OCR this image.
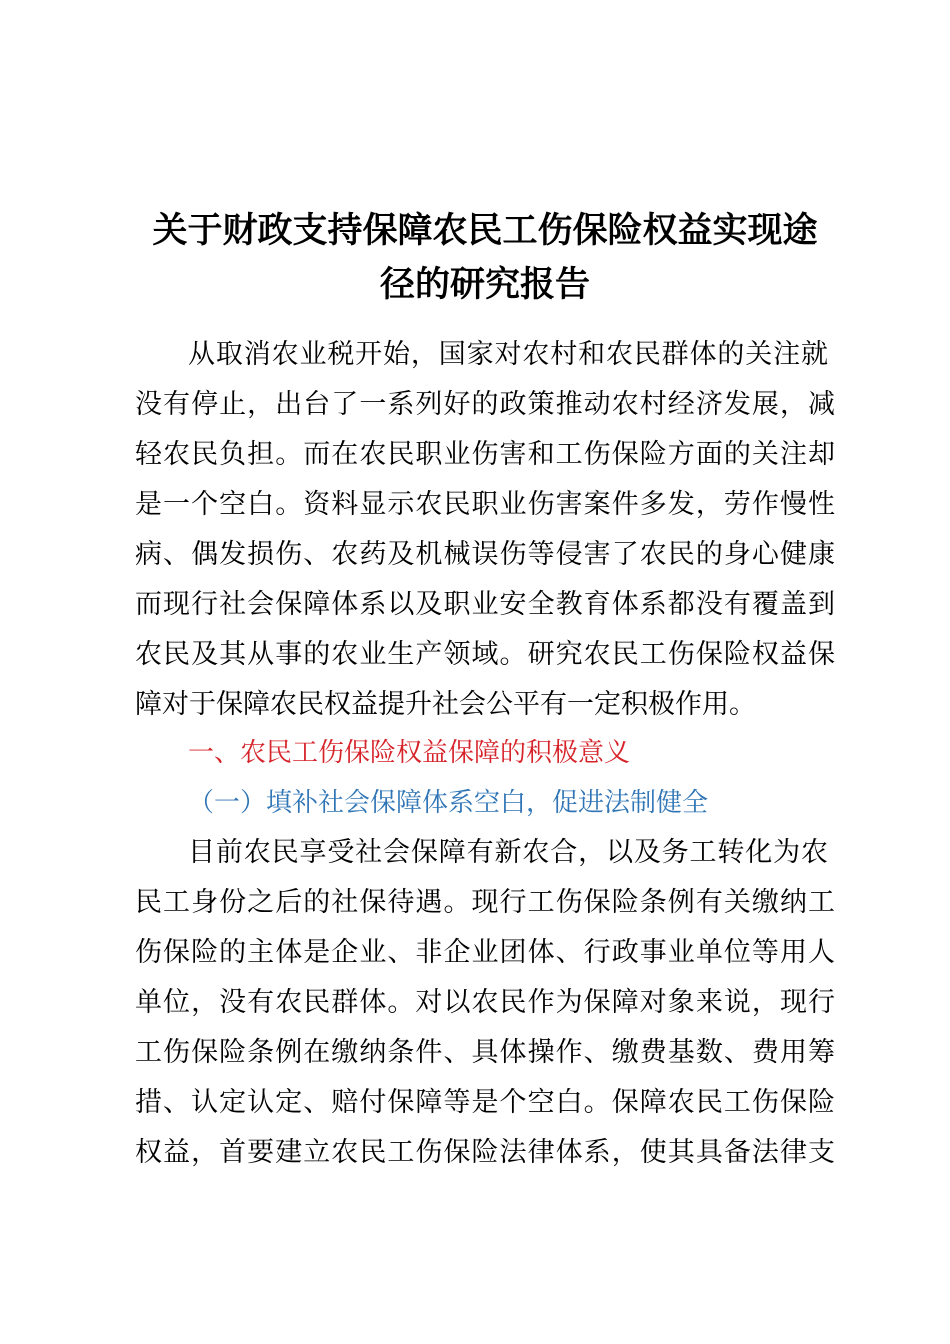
关于财政支持保障农民工伤保险权益实现途
径的研究报告
从取消农业税开始，国家对农村和农民群体的关注就
没有停止，出台了一系列好的政策推动农村经济发展，减
轻农民负担。而在农民职业伤害和工伤保险方面的关注却
是一个空白。资料显示农民职业伤害案件多发，劳作慢性
病、偶发损伤、农药及机械误伤等侵害了农民的身心健康
而现行社会保障体系以及职业安全教育体系都没有覆盖到
农民及其从事的农业生产领域。研究农民工伤保险权益保
障对于保障农民权益提升社会公平有一定积极作用。
一、农民工伤保险权益保障的积极意义
（一）填补社会保障体系空白，促进法制健全
目前农民享受社会保障有新农合，以及务工转化为农
民工身份之后的社保待遇。现行工伤保险条例有关缴纳工
伤保险的主体是企业、非企业团体、行政事业单位等用人
单位，没有农民群体。对以农民作为保障对象来说，现行
工伤保险条例在缴纳条件、具体操作、缴费基数、费用筹
措、认定认定、赔付保障等是个空白。保障农民工伤保险
权益，首要建立农民工伤保险法律体系，使其具备法律支
